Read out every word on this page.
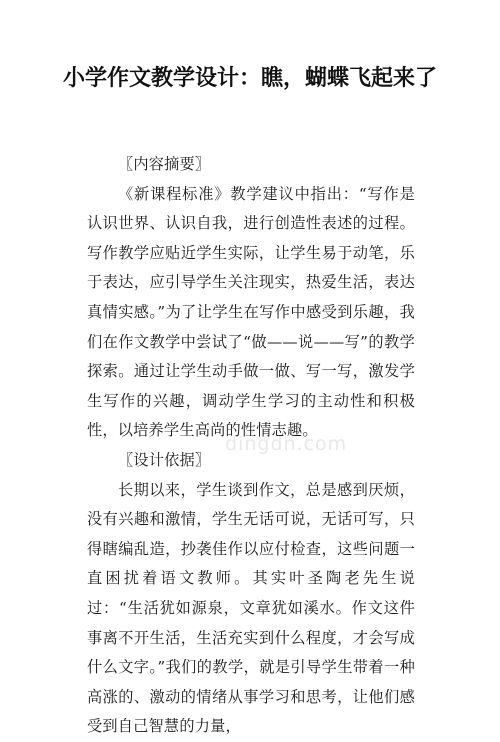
小学作文教学设计：瞧，蝴蝶飞起来了

〖内容摘要〗

《新课程标准》教学建议中指出：“写作是认识世界、认识自我，进行创造性表述的过程。写作教学应贴近学生实际，让学生易于动笔，乐于表达，应引导学生关注现实，热爱生活，表达真情实感。”为了让学生在写作中感受到乐趣，我们在作文教学中尝试了“做——说——写”的教学探索。通过让学生动手做一做、写一写，激发学生写作的兴趣，调动学生学习的主动性和积极性，以培养学生高尚的性情志趣。

〖设计依据〗

长期以来，学生谈到作文，总是感到厌烦，没有兴趣和激情，学生无话可说，无话可写，只得瞎编乱造，抄袭佳作以应付检查，这些问题一直困扰着语文教师。其实叶圣陶老先生说过：“生活犹如源泉，文章犹如溪水。作文这件事离不开生活，生活充实到什么程度，才会写成什么文字。”我们的教学，就是引导学生带着一种高涨的、激动的情绪从事学习和思考，让他们感受到自己智慧的力量，

dingdn.com
